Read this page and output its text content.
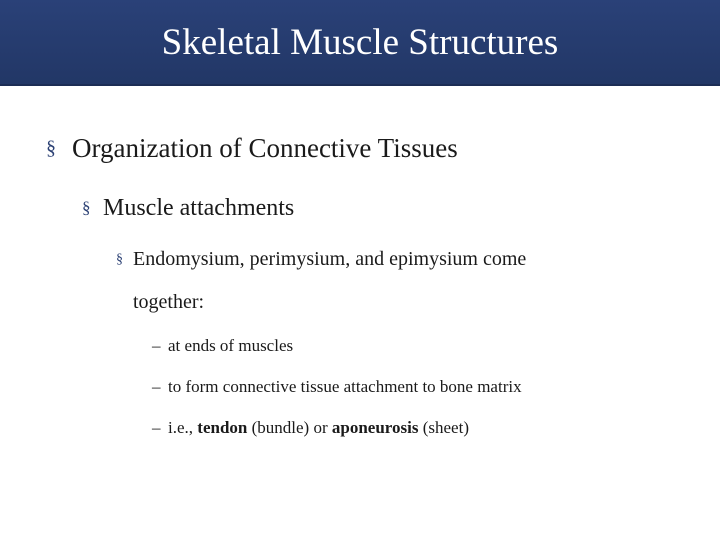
Skeletal Muscle Structures
§ Organization of Connective Tissues
§ Muscle attachments
§ Endomysium, perimysium, and epimysium come
together:
– at ends of muscles
– to form connective tissue attachment to bone matrix
– i.e., tendon (bundle) or aponeurosis (sheet)
